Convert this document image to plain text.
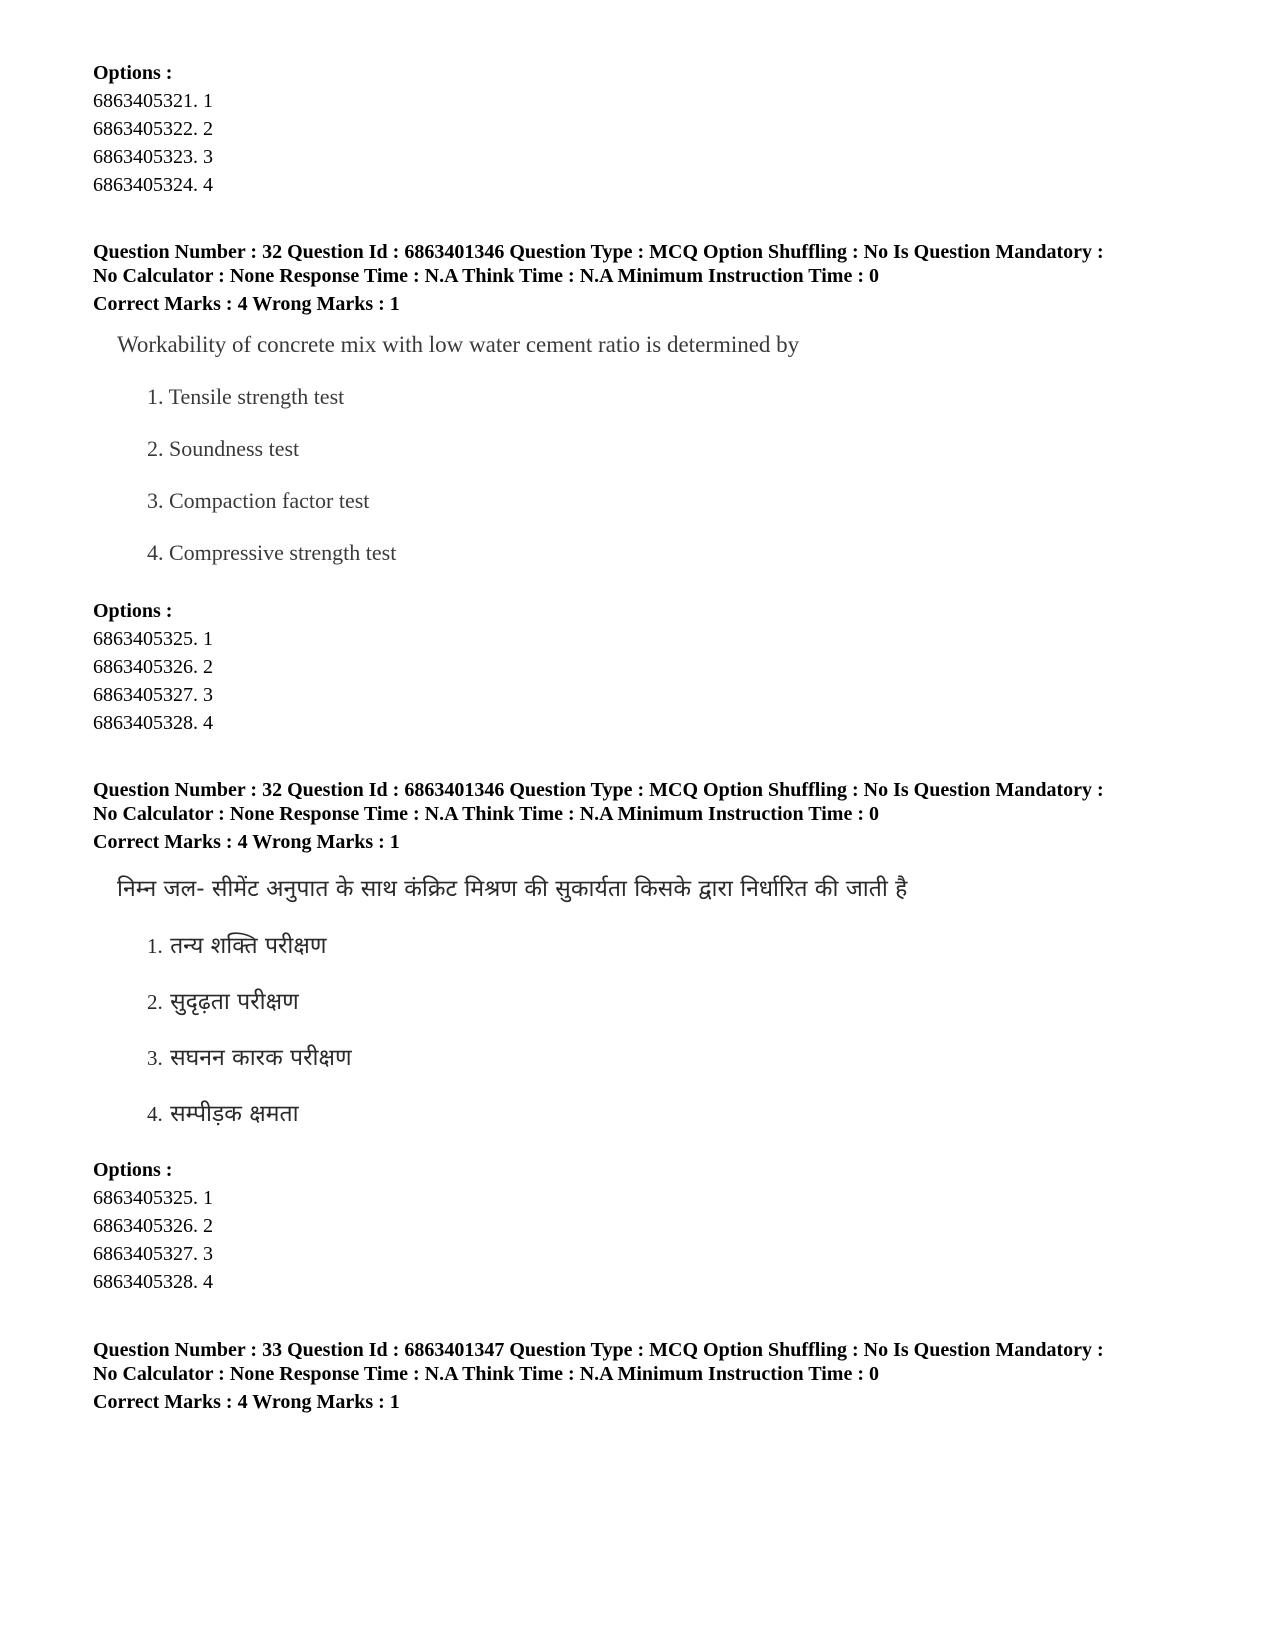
Options :

6863405321. 1

6863405322. 2

6863405323. 3

6863405324. 4

Question Number : 32 Question Id : 6863401346 Question Type : MCQ Option Shuffling : No Is Question Mandatory :

No Calculator : None Response Time : N.A Think Time : N.A Minimum Instruction Time : 0

Correct Marks : 4 Wrong Marks : 1

Workability of concrete mix with low water cement ratio is determined by

1. Tensile strength test
2. Soundness test
3. Compaction factor test
4. Compressive strength test

Options :

6863405325. 1

6863405326. 2

6863405327. 3

6863405328. 4

Question Number : 32 Question Id : 6863401346 Question Type : MCQ Option Shuffling : No Is Question Mandatory :

No Calculator : None Response Time : N.A Think Time : N.A Minimum Instruction Time : 0

Correct Marks : 4 Wrong Marks : 1

निम्न जल- सीमेंट अनुपात के साथ कंक्रिट मिश्रण की सुकार्यता किसके द्वारा निर्धारित की जाती है

1. तन्य शक्ति परीक्षण
2. सुदृढ़ता परीक्षण
3. सघनन कारक परीक्षण
4. सम्पीड़क क्षमता

Options :

6863405325. 1

6863405326. 2

6863405327. 3

6863405328. 4

Question Number : 33 Question Id : 6863401347 Question Type : MCQ Option Shuffling : No Is Question Mandatory :

No Calculator : None Response Time : N.A Think Time : N.A Minimum Instruction Time : 0

Correct Marks : 4 Wrong Marks : 1
